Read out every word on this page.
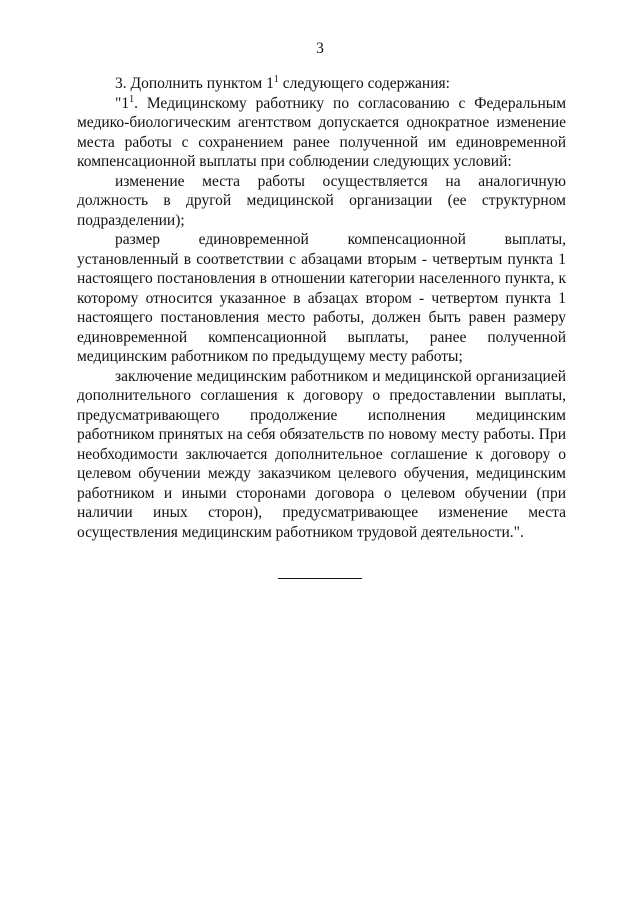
3

3. Дополнить пунктом $1^1$ следующего содержания:

"$1^1$. Медицинскому работнику по согласованию с Федеральным медико-биологическим агентством допускается однократное изменение места работы с сохранением ранее полученной им единовременной компенсационной выплаты при соблюдении следующих условий:

изменение места работы осуществляется на аналогичную должность в другой медицинской организации (ее структурном подразделении);

размер единовременной компенсационной выплаты, установленный в соответствии с абзацами вторым - четвертым пункта 1 настоящего постановления в отношении категории населенного пункта, к которому относится указанное в абзацах втором - четвертом пункта 1 настоящего постановления место работы, должен быть равен размеру единовременной компенсационной выплаты, ранее полученной медицинским работником по предыдущему месту работы;

заключение медицинским работником и медицинской организацией дополнительного соглашения к договору о предоставлении выплаты, предусматривающего продолжение исполнения медицинским работником принятых на себя обязательств по новому месту работы. При необходимости заключается дополнительное соглашение к договору о целевом обучении между заказчиком целевого обучения, медицинским работником и иными сторонами договора о целевом обучении (при наличии иных сторон), предусматривающее изменение места осуществления медицинским работником трудовой деятельности.".
